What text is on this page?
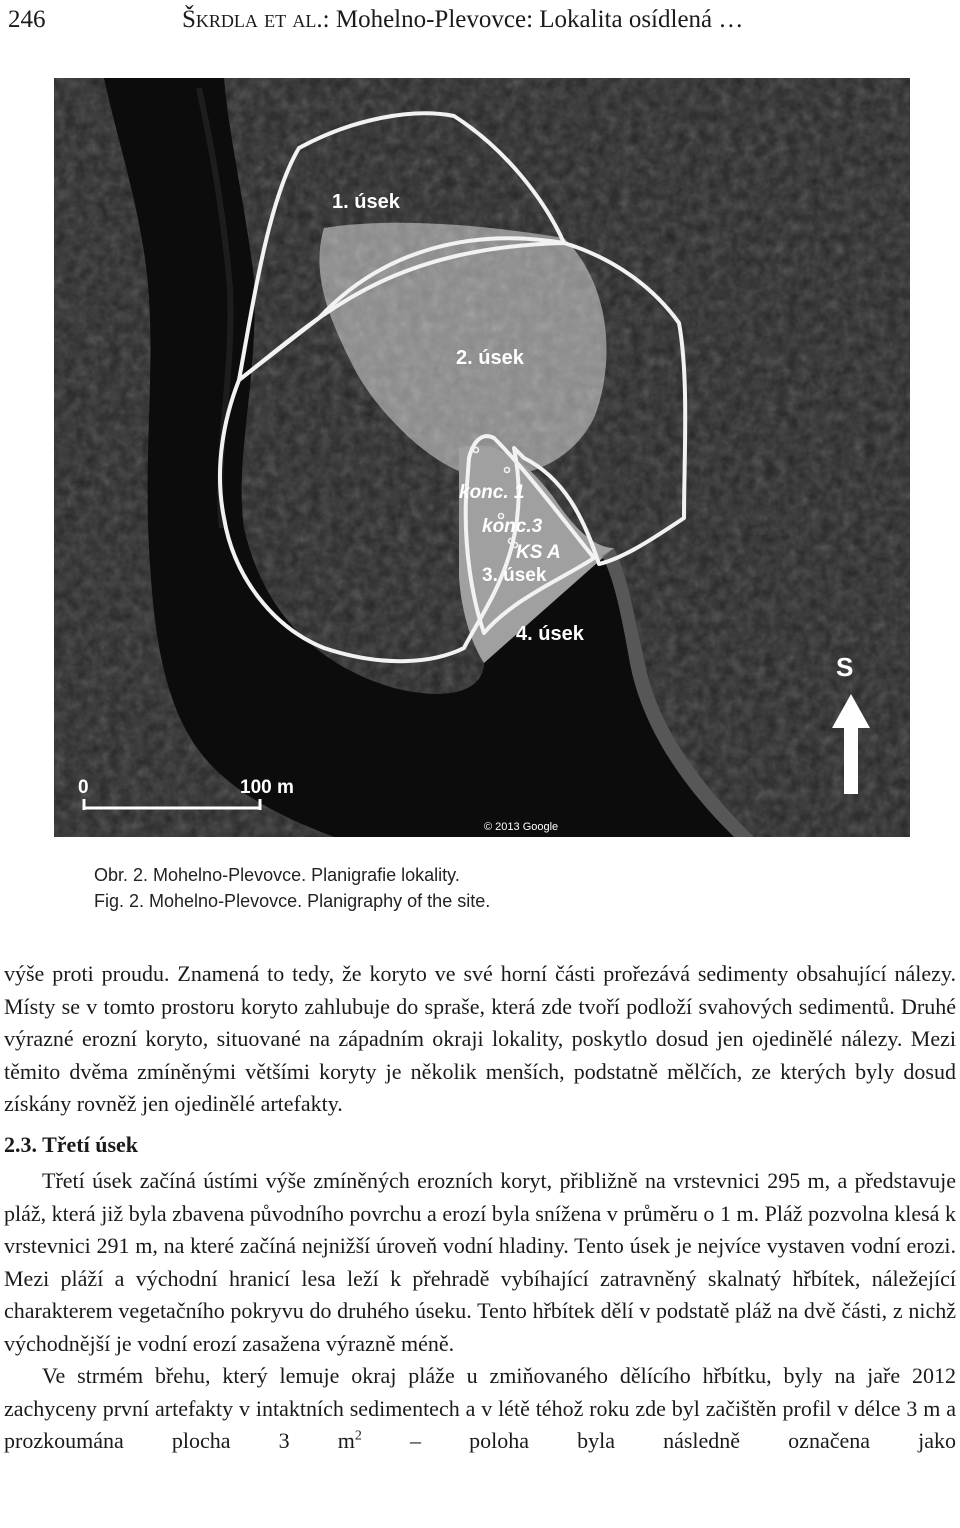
246	Škrdla et al.: Mohelno-Plevovce: Lokalita osídlená …
1. úsek
2. úsek
konc. 1
konc.3
KS A
3. úsek
4. úsek
S
0	100 m
© 2013 Google
Obr. 2. Mohelno-Plevovce. Planigrafie lokality.
Fig. 2. Mohelno-Plevovce. Planigraphy of the site.

výše proti proudu. Znamená to tedy, že koryto ve své horní části prořezává sedimenty obsahující nálezy. Místy se v tomto prostoru koryto zahlubuje do spraše, která zde tvoří podloží svahových sedimentů. Druhé výrazné erozní koryto, situované na západním okraji lokality, poskytlo dosud jen ojedinělé nálezy. Mezi těmito dvěma zmíněnými většími koryty je několik menších, podstatně mělčích, ze kterých byly dosud získány rovněž jen ojedinělé artefakty.

2.3. Třetí úsek

Třetí úsek začíná ústími výše zmíněných erozních koryt, přibližně na vrstevnici 295 m, a představuje pláž, která již byla zbavena původního povrchu a erozí byla snížena v průměru o 1 m. Pláž pozvolna klesá k vrstevnici 291 m, na které začíná nejnižší úroveň vodní hladiny. Tento úsek je nejvíce vystaven vodní erozi. Mezi pláží a východní hranicí lesa leží k přehradě vybíhající zatravněný skalnatý hřbítek, náležející charakterem vegetačního pokryvu do druhého úseku. Tento hřbítek dělí v podstatě pláž na dvě části, z nichž východnější je vodní erozí zasažena výrazně méně.

Ve strmém břehu, který lemuje okraj pláže u zmiňovaného dělícího hřbítku, byly na jaře 2012 zachyceny první artefakty v intaktních sedimentech a v létě téhož roku zde byl začištěn profil v délce 3 m a prozkoumána plocha 3 $m^2$ – poloha byla následně označena jako
